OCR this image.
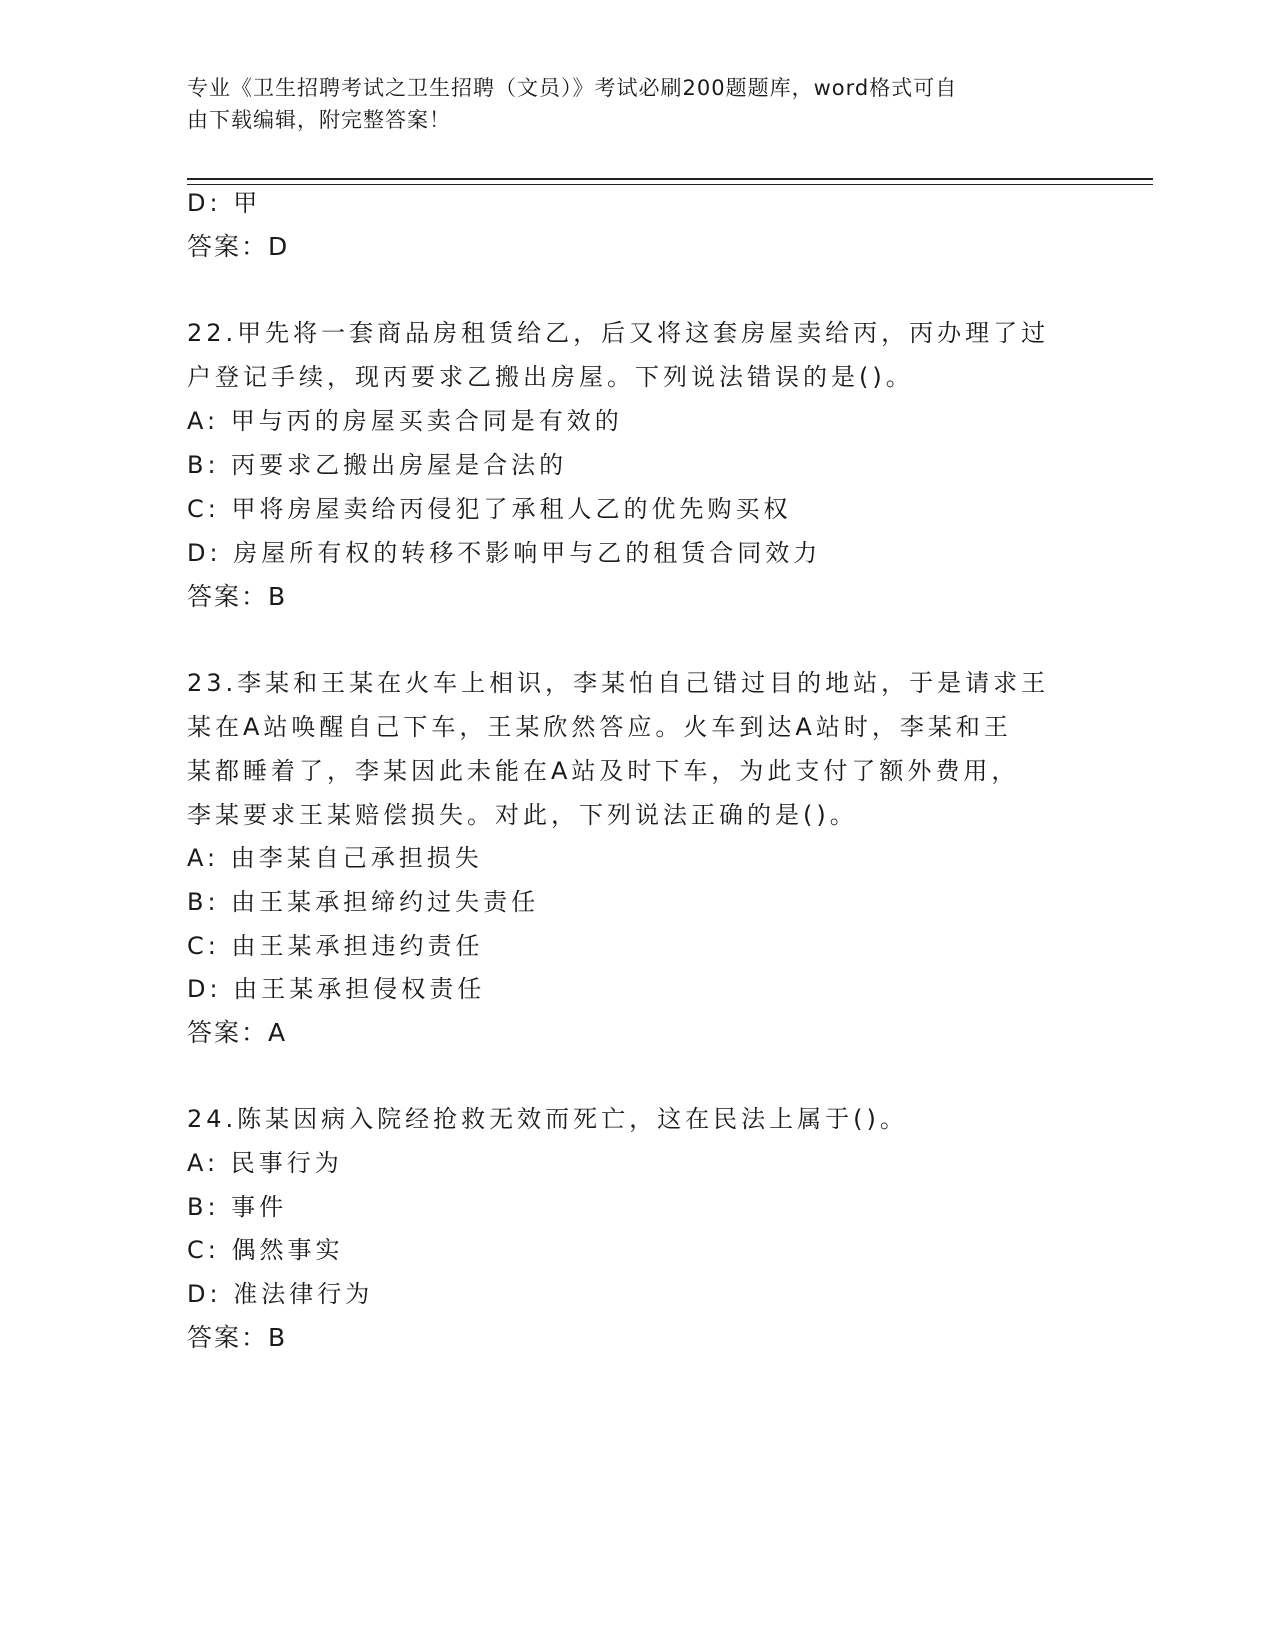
专业《卫生招聘考试之卫生招聘（文员）》考试必刷200题题库，word格式可自
由下载编辑，附完整答案！
D: 甲
答案：D
22.甲先将一套商品房租赁给乙，后又将这套房屋卖给丙，丙办理了过
户登记手续，现丙要求乙搬出房屋。下列说法错误的是()。
A: 甲与丙的房屋买卖合同是有效的
B: 丙要求乙搬出房屋是合法的
C: 甲将房屋卖给丙侵犯了承租人乙的优先购买权
D: 房屋所有权的转移不影响甲与乙的租赁合同效力
答案：B
23.李某和王某在火车上相识，李某怕自己错过目的地站，于是请求王
某在A站唤醒自己下车，王某欣然答应。火车到达A站时，李某和王
某都睡着了，李某因此未能在A站及时下车，为此支付了额外费用，
李某要求王某赔偿损失。对此，下列说法正确的是()。
A: 由李某自己承担损失
B: 由王某承担缔约过失责任
C: 由王某承担违约责任
D: 由王某承担侵权责任
答案：A
24.陈某因病入院经抢救无效而死亡，这在民法上属于()。
A: 民事行为
B: 事件
C: 偶然事实
D: 准法律行为
答案：B
